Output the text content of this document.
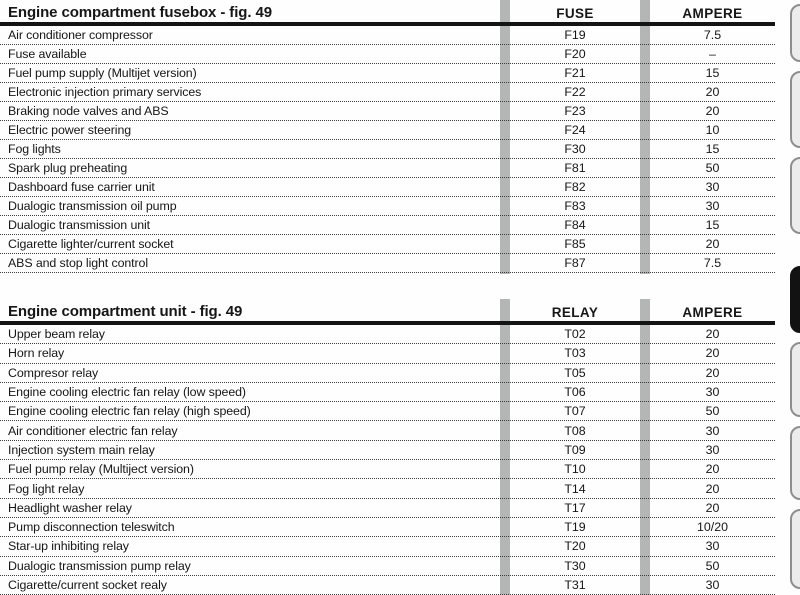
Engine compartment fusebox - fig. 49	FUSE	AMPERE
Air conditioner compressor	F19	7.5
Fuse available	F20	–
Fuel pump supply (Multijet version)	F21	15
Electronic injection primary services	F22	20
Braking node valves and ABS	F23	20
Electric power steering	F24	10
Fog lights	F30	15
Spark plug preheating	F81	50
Dashboard fuse carrier unit	F82	30
Dualogic transmission oil pump	F83	30
Dualogic transmission unit	F84	15
Cigarette lighter/current socket	F85	20
ABS and stop light control	F87	7.5
Engine compartment unit - fig. 49	RELAY	AMPERE
Upper beam relay	T02	20
Horn relay	T03	20
Compresor relay	T05	20
Engine cooling electric fan relay (low speed)	T06	30
Engine cooling electric fan relay (high speed)	T07	50
Air conditioner electric fan relay	T08	30
Injection system main relay	T09	30
Fuel pump relay (Multiject version)	T10	20
Fog light relay	T14	20
Headlight washer relay	T17	20
Pump disconnection teleswitch	T19	10/20
Star-up inhibiting relay	T20	30
Dualogic transmission pump relay	T30	50
Cigarette/current socket realy	T31	30
